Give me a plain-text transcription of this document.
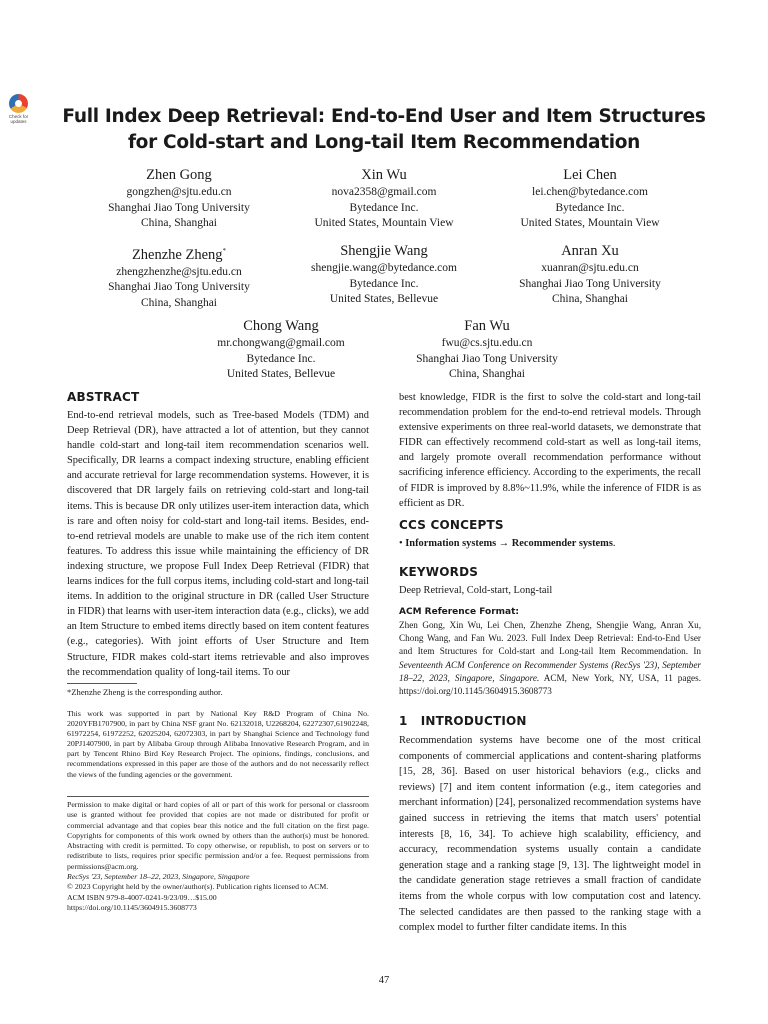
Check for updates	Full Index Deep Retrieval: End-to-End User and Item Structures
for Cold-start and Long-tail Item Recommendation
Zhen Gong
gongzhen@sjtu.edu.cn
Shanghai Jiao Tong University
China, Shanghai
Xin Wu
nova2358@gmail.com
Bytedance Inc.
United States, Mountain View
Lei Chen
lei.chen@bytedance.com
Bytedance Inc.
United States, Mountain View
Zhenzhe Zheng*
zhengzhenzhe@sjtu.edu.cn
Shanghai Jiao Tong University
China, Shanghai
Shengjie Wang
shengjie.wang@bytedance.com
Bytedance Inc.
United States, Bellevue
Anran Xu
xuanran@sjtu.edu.cn
Shanghai Jiao Tong University
China, Shanghai
Chong Wang
mr.chongwang@gmail.com
Bytedance Inc.
United States, Bellevue
Fan Wu
fwu@cs.sjtu.edu.cn
Shanghai Jiao Tong University
China, Shanghai
ABSTRACT

End-to-end retrieval models, such as Tree-based Models (TDM) and Deep Retrieval (DR), have attracted a lot of attention, but they cannot handle cold-start and long-tail item recommendation scenarios well. Specifically, DR learns a compact indexing structure, enabling efficient and accurate retrieval for large recommendation systems. However, it is discovered that DR largely fails on retrieving cold-start and long-tail items. This is because DR only utilizes user-item interaction data, which is rare and often noisy for cold-start and long-tail items. Besides, end-to-end retrieval models are unable to make use of the rich item content features. To address this issue while maintaining the efficiency of DR indexing structure, we propose Full Index Deep Retrieval (FIDR) that learns indices for the full corpus items, including cold-start and long-tail items. In addition to the original structure in DR (called User Structure in FIDR) that learns with user-item interaction data (e.g., clicks), we add an Item Structure to embed items directly based on item content features (e.g., categories). With joint efforts of User Structure and Item Structure, FIDR makes cold-start items retrievable and also improves the recommendation quality of long-tail items. To our

*Zhenzhe Zheng is the corresponding author.

This work was supported in part by National Key R&D Program of China No. 2020YFB1707900, in part by China NSF grant No. 62132018, U2268204, 62272307,61902248, 61972254, 61972252, 62025204, 62072303, in part by Shanghai Science and Technology fund 20PJ1407900, in part by Alibaba Group through Alibaba Innovative Research Program, and in part by Tencent Rhino Bird Key Research Project. The opinions, findings, conclusions, and recommendations expressed in this paper are those of the authors and do not necessarily reflect the views of the funding agencies or the government.

Permission to make digital or hard copies of all or part of this work for personal or classroom use is granted without fee provided that copies are not made or distributed for profit or commercial advantage and that copies bear this notice and the full citation on the first page. Copyrights for components of this work owned by others than the author(s) must be honored. Abstracting with credit is permitted. To copy otherwise, or republish, to post on servers or to redistribute to lists, requires prior specific permission and/or a fee. Request permissions from permissions@acm.org.

RecSys '23, September 18–22, 2023, Singapore, Singapore

© 2023 Copyright held by the owner/author(s). Publication rights licensed to ACM.

ACM ISBN 979-8-4007-0241-9/23/09…$15.00

https://doi.org/10.1145/3604915.3608773

best knowledge, FIDR is the first to solve the cold-start and long-tail recommendation problem for the end-to-end retrieval models. Through extensive experiments on three real-world datasets, we demonstrate that FIDR can effectively recommend cold-start as well as long-tail items, and largely promote overall recommendation performance without sacrificing inference efficiency. According to the experiments, the recall of FIDR is improved by 8.8%~11.9%, while the inference of FIDR is as efficient as DR.

CCS CONCEPTS
• Information systems → Recommender systems.
KEYWORDS
Deep Retrieval, Cold-start, Long-tail
ACM Reference Format:
Zhen Gong, Xin Wu, Lei Chen, Zhenzhe Zheng, Shengjie Wang, Anran Xu, Chong Wang, and Fan Wu. 2023. Full Index Deep Retrieval: End-to-End User and Item Structures for Cold-start and Long-tail Item Recommendation. In Seventeenth ACM Conference on Recommender Systems (RecSys '23), September 18–22, 2023, Singapore, Singapore. ACM, New York, NY, USA, 11 pages. https://doi.org/10.1145/3604915.3608773
1 INTRODUCTION

Recommendation systems have become one of the most critical components of commercial applications and content-sharing platforms [15, 28, 36]. Based on user historical behaviors (e.g., clicks and reviews) [7] and item content information (e.g., item categories and merchant information) [24], personalized recommendation systems have gained success in retrieving the items that match users' potential interests [8, 16, 34]. To achieve high scalability, efficiency, and accuracy, recommendation systems usually contain a candidate generation stage and a ranking stage [9, 13]. The lightweight model in the candidate generation stage retrieves a small fraction of candidate items from the whole corpus with low computation cost and latency. The selected candidates are then passed to the ranking stage with a complex model to further filter candidate items. In this

47
